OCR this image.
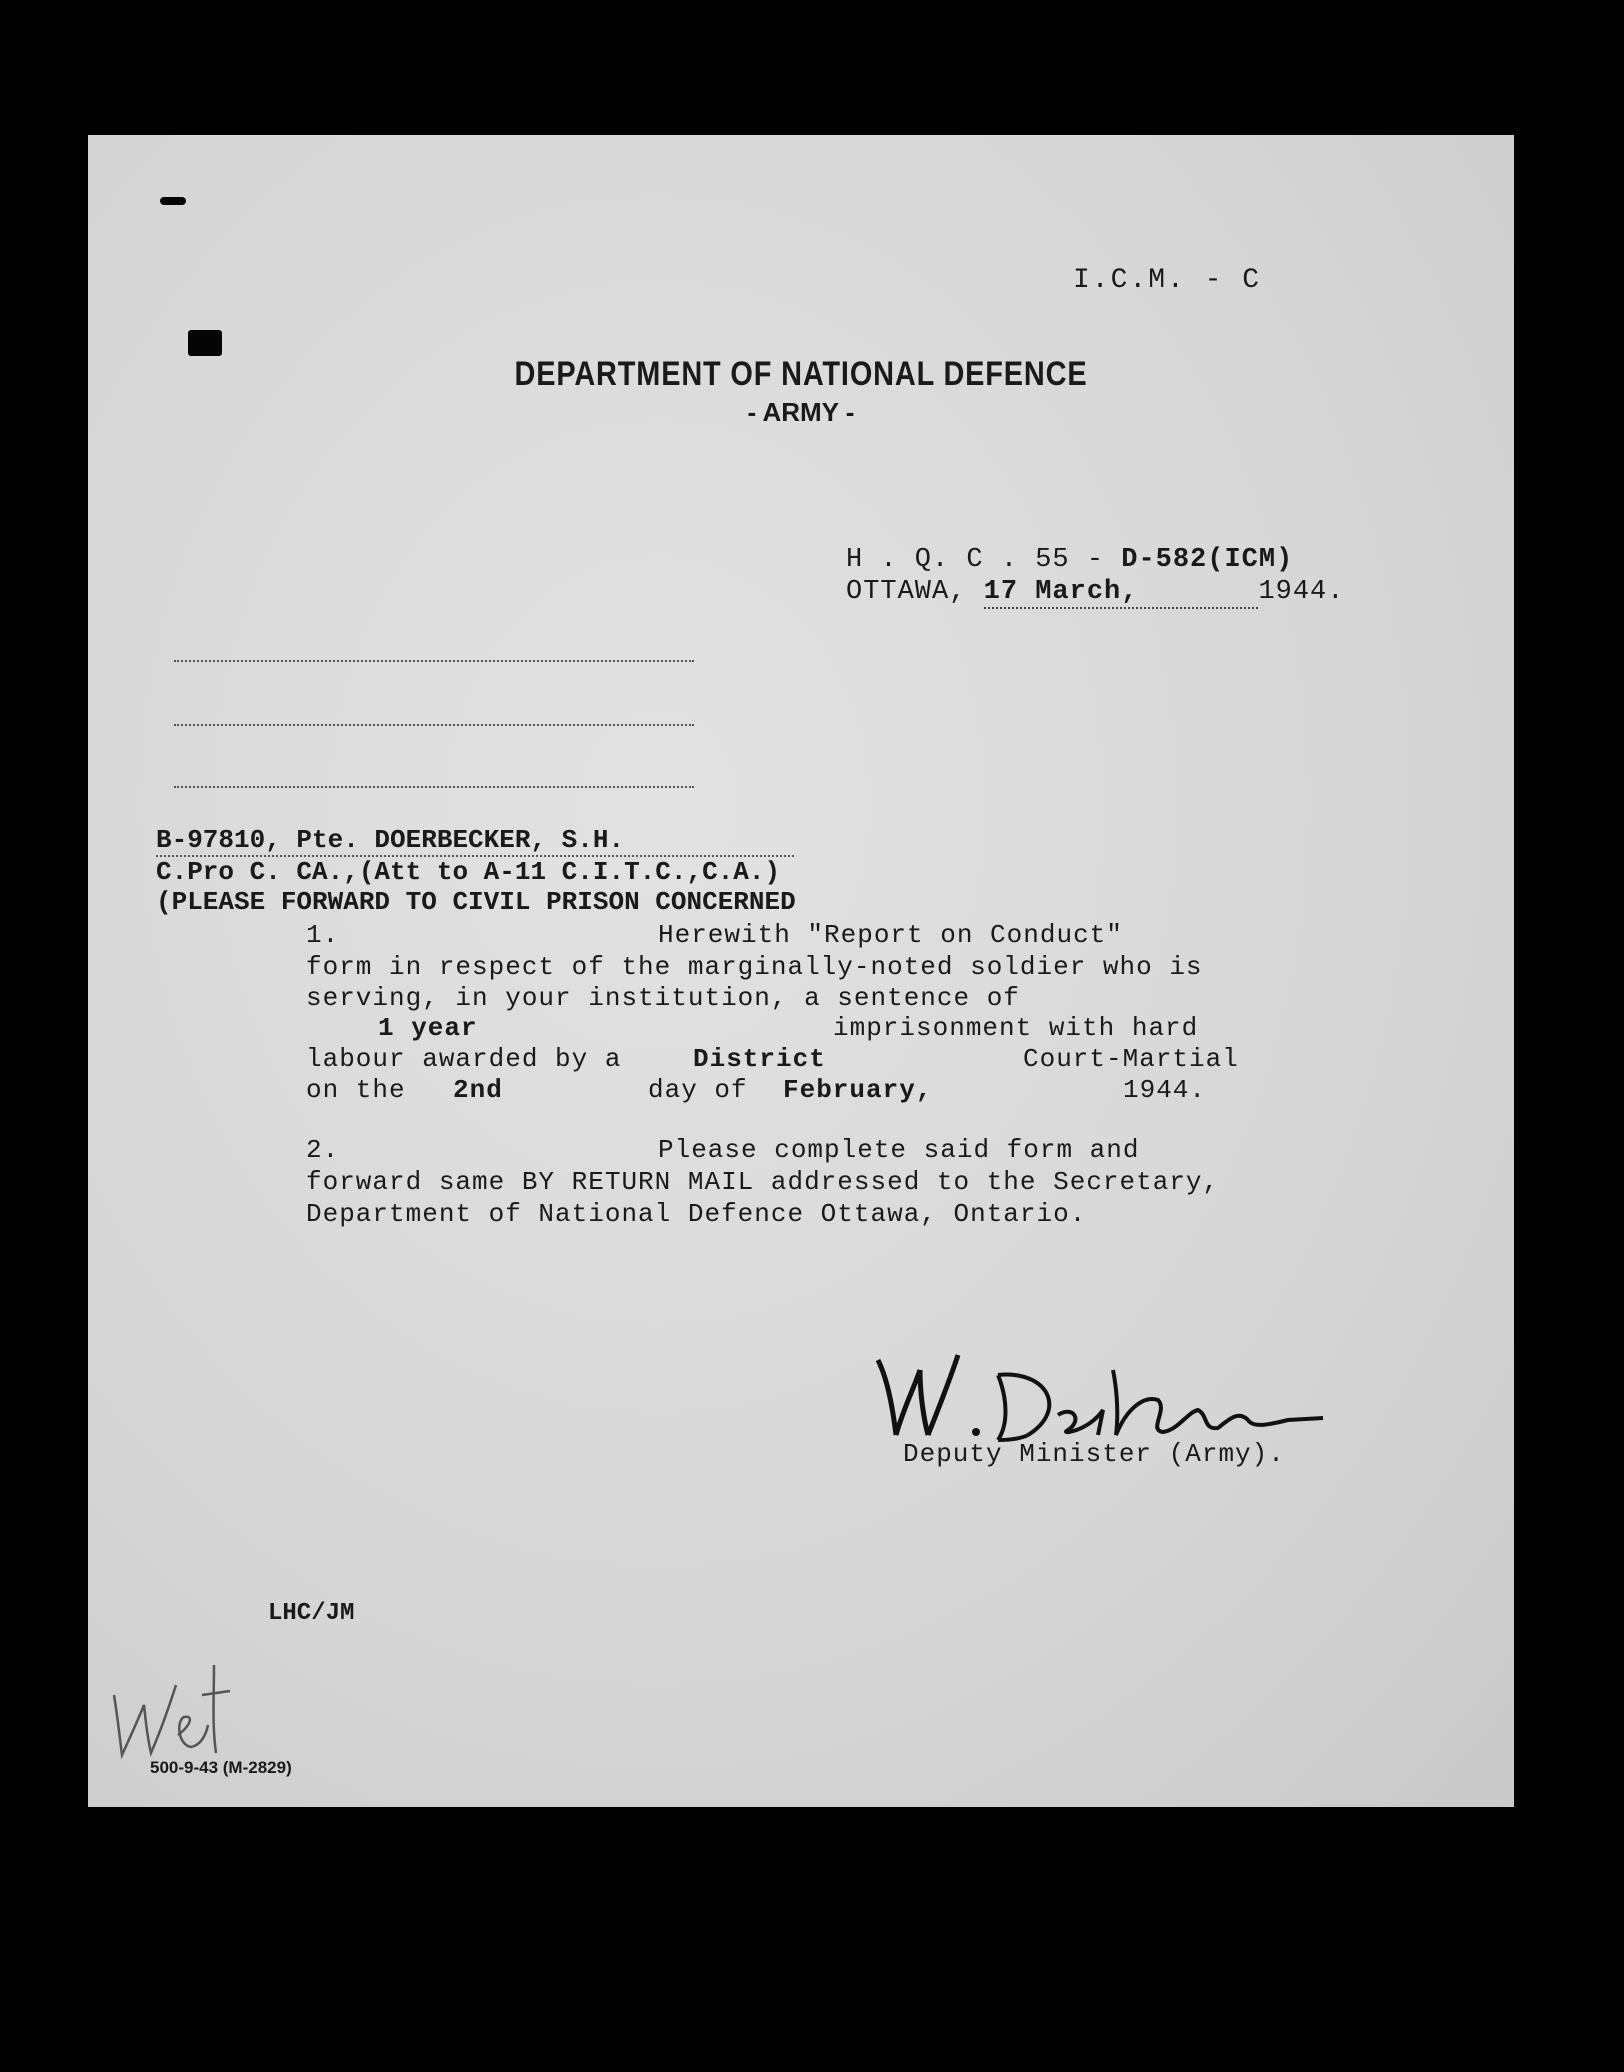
I.C.M. - C
DEPARTMENT OF NATIONAL DEFENCE
- ARMY -
H . Q. C . 55 - D-582(ICM)
OTTAWA, 17 March,	1944.
B-97810, Pte. DOERBECKER, S.H.
C.Pro C. CA.,(Att to A-11 C.I.T.C.,C.A.)
(PLEASE FORWARD TO CIVIL PRISON CONCERNED
1.	Herewith "Report on Conduct"
form in respect of the marginally-noted soldier who is
serving, in your institution, a sentence of
1 year	imprisonment with hard
labour awarded by a	District	Court-Martial
on the 2nd	day of February,	1944.
2.	Please complete said form and
forward same BY RETURN MAIL addressed to the Secretary,
Department of National Defence Ottawa, Ontario.
Deputy Minister (Army).
LHC/JM
500-9-43 (M-2829)
